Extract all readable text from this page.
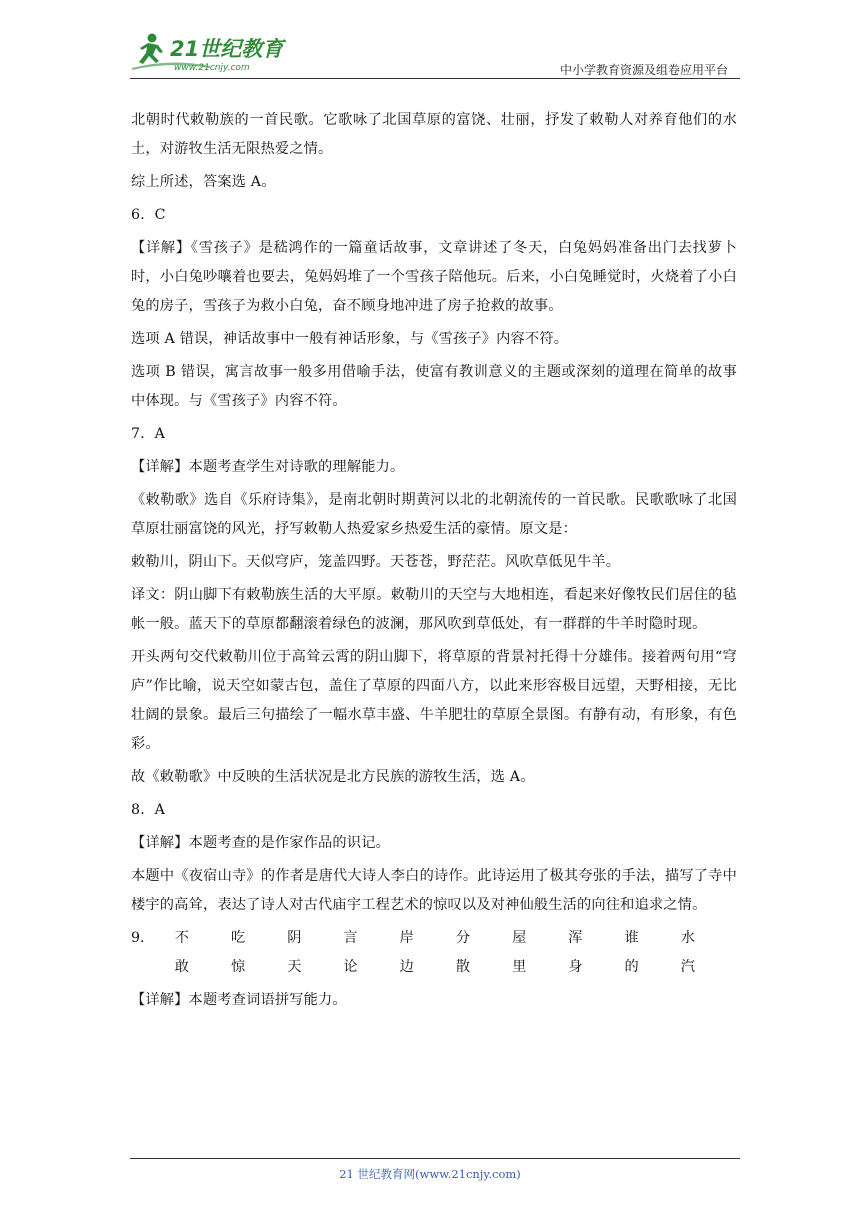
21世纪教育
www.21cnjy.com	中小学教育资源及组卷应用平台

北朝时代敕勒族的一首民歌。它歌咏了北国草原的富饶、壮丽，抒发了敕勒人对养育他们的水土，对游牧生活无限热爱之情。

综上所述，答案选 A。

6．C

【详解】《雪孩子》是嵇鸿作的一篇童话故事，文章讲述了冬天，白兔妈妈准备出门去找萝卜时，小白兔吵嚷着也要去，兔妈妈堆了一个雪孩子陪他玩。后来，小白兔睡觉时，火烧着了小白兔的房子，雪孩子为救小白兔，奋不顾身地冲进了房子抢救的故事。

选项 A 错误，神话故事中一般有神话形象，与《雪孩子》内容不符。

选项 B 错误，寓言故事一般多用借喻手法，使富有教训意义的主题或深刻的道理在简单的故事中体现。与《雪孩子》内容不符。

7．A

【详解】本题考查学生对诗歌的理解能力。

《敕勒歌》选自《乐府诗集》，是南北朝时期黄河以北的北朝流传的一首民歌。民歌歌咏了北国草原壮丽富饶的风光，抒写敕勒人热爱家乡热爱生活的豪情。原文是：

敕勒川，阴山下。天似穹庐，笼盖四野。天苍苍，野茫茫。风吹草低见牛羊。

译文：阴山脚下有敕勒族生活的大平原。敕勒川的天空与大地相连，看起来好像牧民们居住的毡帐一般。蓝天下的草原都翻滚着绿色的波澜，那风吹到草低处，有一群群的牛羊时隐时现。

开头两句交代敕勒川位于高耸云霄的阴山脚下，将草原的背景衬托得十分雄伟。接着两句用“穹庐”作比喻，说天空如蒙古包，盖住了草原的四面八方，以此来形容极目远望，天野相接，无比壮阔的景象。最后三句描绘了一幅水草丰盛、牛羊肥壮的草原全景图。有静有动，有形象，有色彩。

故《敕勒歌》中反映的生活状况是北方民族的游牧生活，选 A。

8．A

【详解】本题考查的是作家作品的识记。

本题中《夜宿山寺》的作者是唐代大诗人李白的诗作。此诗运用了极其夸张的手法，描写了寺中楼宇的高耸，表达了诗人对古代庙宇工程艺术的惊叹以及对神仙般生活的向往和追求之情。

9．	不敢
吃惊
阴天
言论
岸边
分散
屋里
浑身
谁的
水汽

【详解】本题考查词语拼写能力。

21 世纪教育网(www.21cnjy.com)
